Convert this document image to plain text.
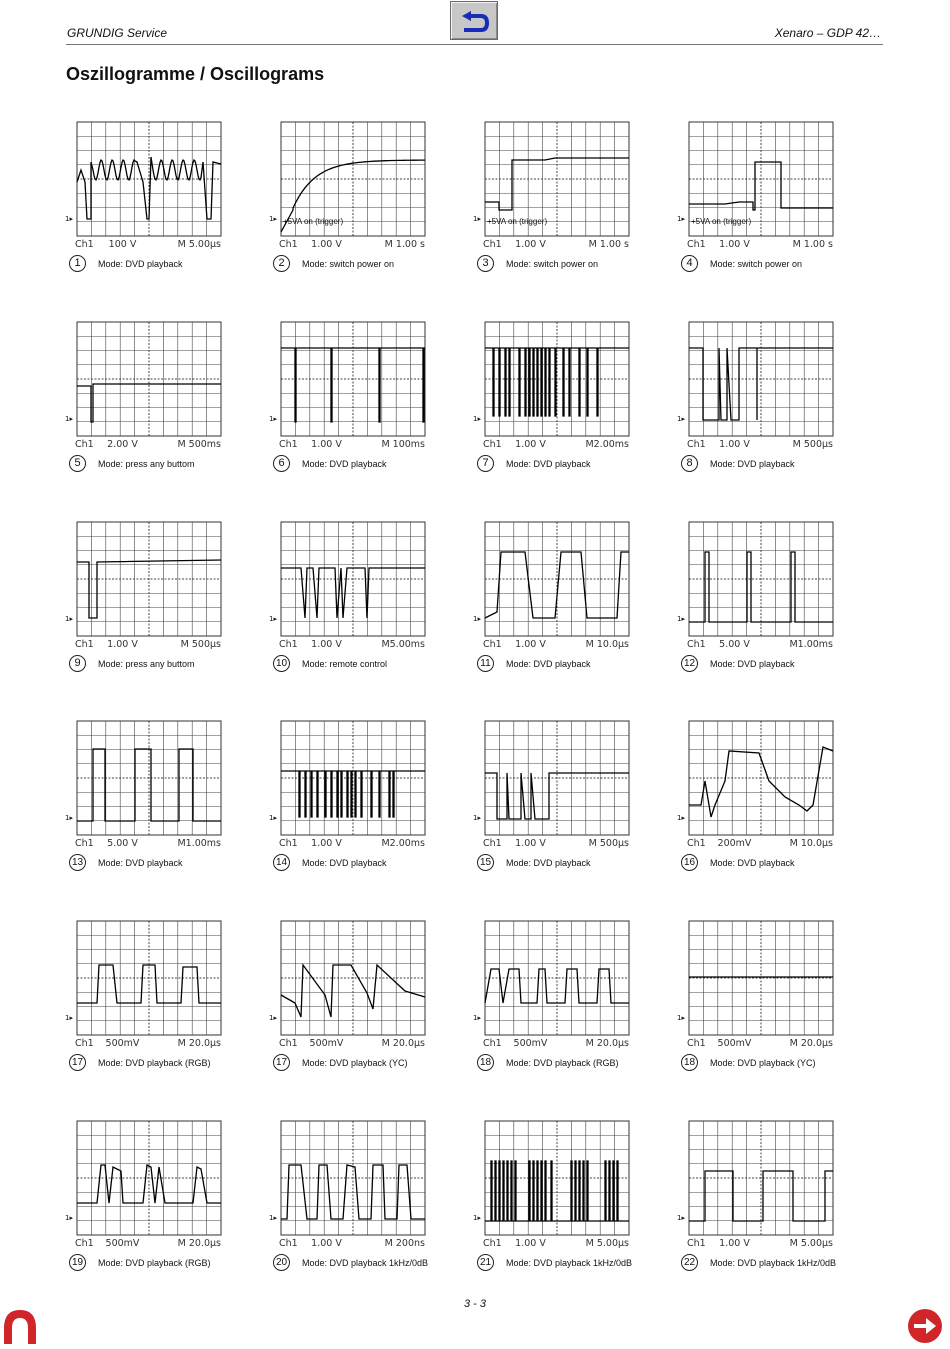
GRUNDIG Service	Xenaro – GDP 42…
Oszillogramme / Oscillograms
1▸
Ch1	100 V	M 5.00µs
1	Mode: DVD playback
+5VA on (trigger)
1▸
Ch1	1.00 V	M 1.00 s
2	Mode: switch power on
+5VA on (trigger)
1▸
Ch1	1.00 V	M 1.00 s
3	Mode: switch power on
+5VA on (trigger)
1▸
Ch1	1.00 V	M 1.00 s
4	Mode: switch power on
1▸
Ch1	2.00 V	M 500ms
5	Mode: press any buttom
1▸
Ch1	1.00 V	M 100ms
6	Mode: DVD playback
1▸
Ch1	1.00 V	M2.00ms
7	Mode: DVD playback
1▸
Ch1	1.00 V	M 500µs
8	Mode: DVD playback
1▸
Ch1	1.00 V	M 500µs
9	Mode: press any buttom
1▸
Ch1	1.00 V	M5.00ms
10	Mode: remote control
1▸
Ch1	1.00 V	M 10.0µs
11	Mode: DVD playback
1▸
Ch1	5.00 V	M1.00ms
12	Mode: DVD playback
1▸
Ch1	5.00 V	M1.00ms
13	Mode: DVD playback
1▸
Ch1	1.00 V	M2.00ms
14	Mode: DVD playback
1▸
Ch1	1.00 V	M 500µs
15	Mode: DVD playback
1▸
Ch1	200mV	M 10.0µs
16	Mode: DVD playback
1▸
Ch1	500mV	M 20.0µs
17	Mode: DVD playback (RGB)
1▸
Ch1	500mV	M 20.0µs
17	Mode: DVD playback (YC)
1▸
Ch1	500mV	M 20.0µs
18	Mode: DVD playback (RGB)
1▸
Ch1	500mV	M 20.0µs
18	Mode: DVD playback (YC)
1▸
Ch1	500mV	M 20.0µs
19	Mode: DVD playback (RGB)
1▸
Ch1	1.00 V	M 200ns
20	Mode: DVD playback 1kHz/0dB
1▸
Ch1	1.00 V	M 5.00µs
21	Mode: DVD playback 1kHz/0dB
1▸
Ch1	1.00 V	M 5.00µs
22	Mode: DVD playback 1kHz/0dB
3 - 3
